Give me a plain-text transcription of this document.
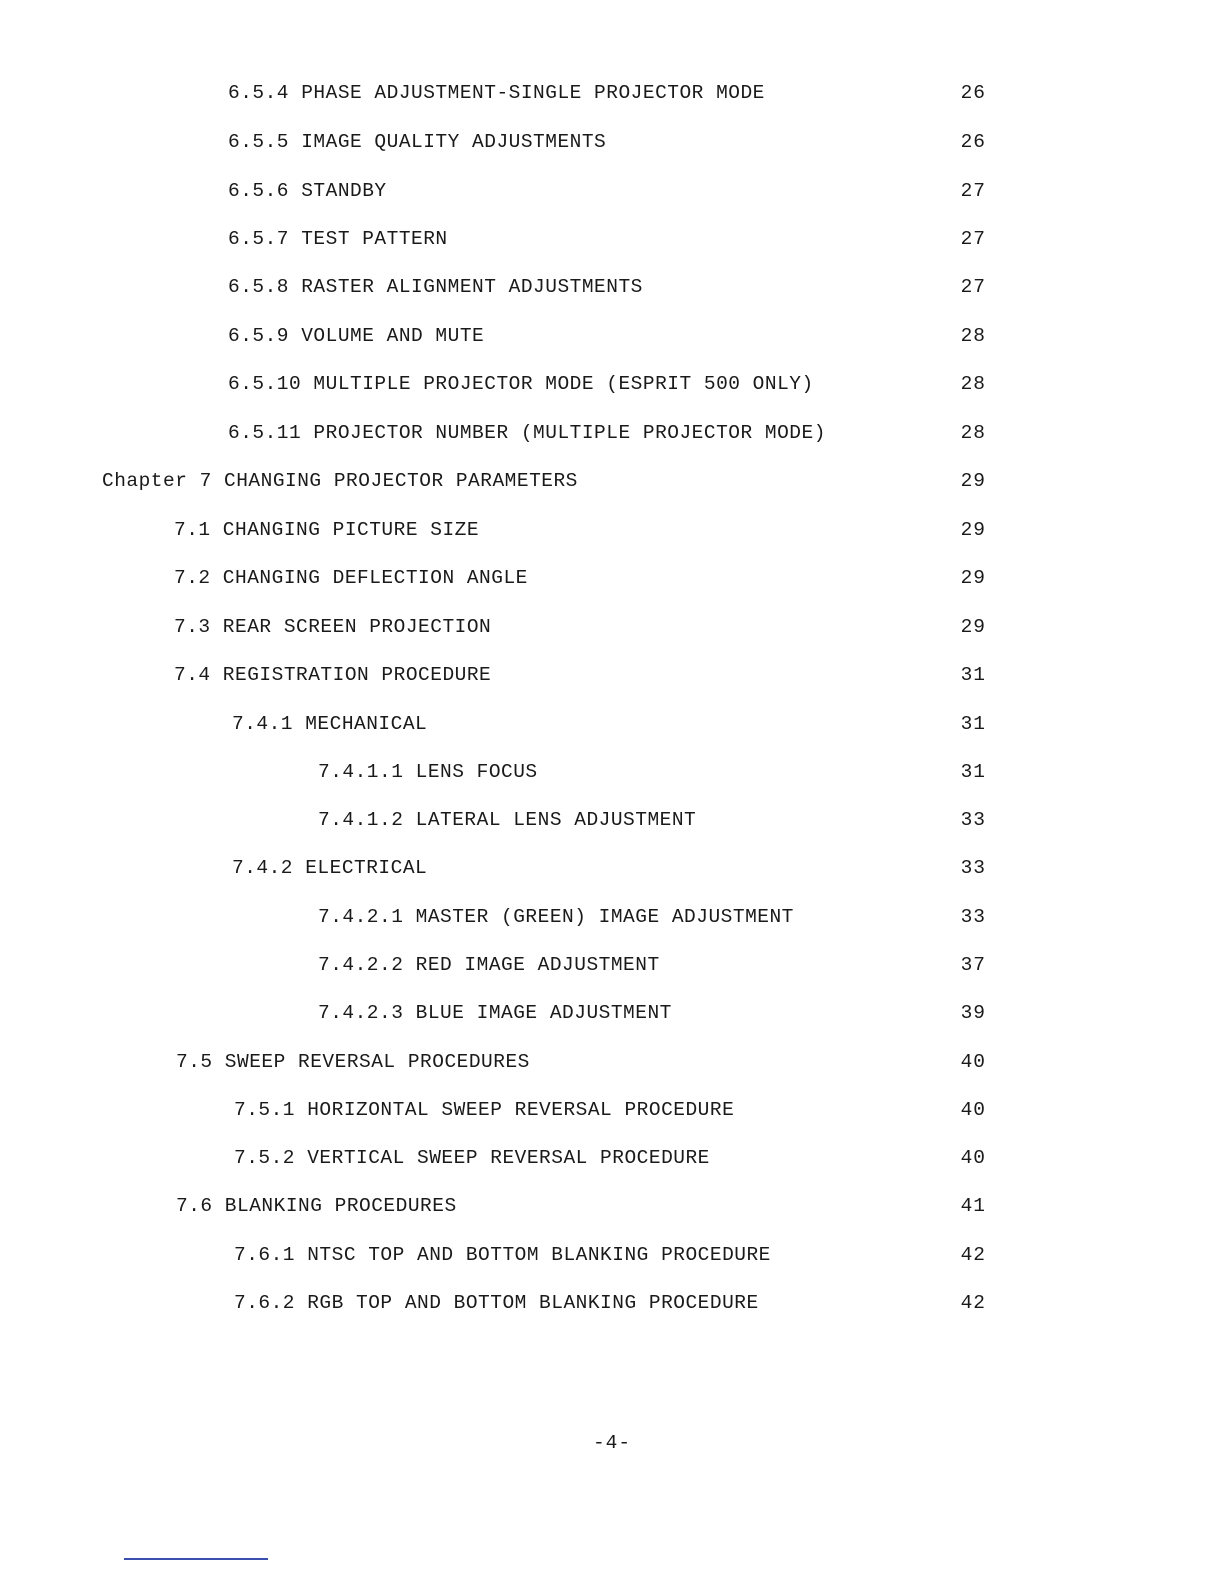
6.5.4 PHASE ADJUSTMENT-SINGLE PROJECTOR MODE	26
6.5.5 IMAGE QUALITY ADJUSTMENTS	26
6.5.6 STANDBY	27
6.5.7 TEST PATTERN	27
6.5.8 RASTER ALIGNMENT ADJUSTMENTS	27
6.5.9 VOLUME AND MUTE	28
6.5.10 MULTIPLE PROJECTOR MODE (ESPRIT 500 ONLY)	28
6.5.11 PROJECTOR NUMBER (MULTIPLE PROJECTOR MODE)	28
Chapter 7 CHANGING PROJECTOR PARAMETERS	29
7.1 CHANGING PICTURE SIZE	29
7.2 CHANGING DEFLECTION ANGLE	29
7.3 REAR SCREEN PROJECTION	29
7.4 REGISTRATION PROCEDURE	31
7.4.1 MECHANICAL	31
7.4.1.1 LENS FOCUS	31
7.4.1.2 LATERAL LENS ADJUSTMENT	33
7.4.2 ELECTRICAL	33
7.4.2.1 MASTER (GREEN) IMAGE ADJUSTMENT	33
7.4.2.2 RED IMAGE ADJUSTMENT	37
7.4.2.3 BLUE IMAGE ADJUSTMENT	39
7.5 SWEEP REVERSAL PROCEDURES	40
7.5.1 HORIZONTAL SWEEP REVERSAL PROCEDURE	40
7.5.2 VERTICAL SWEEP REVERSAL PROCEDURE	40
7.6 BLANKING PROCEDURES	41
7.6.1 NTSC TOP AND BOTTOM BLANKING PROCEDURE	42
7.6.2 RGB TOP AND BOTTOM BLANKING PROCEDURE	42
-4-
